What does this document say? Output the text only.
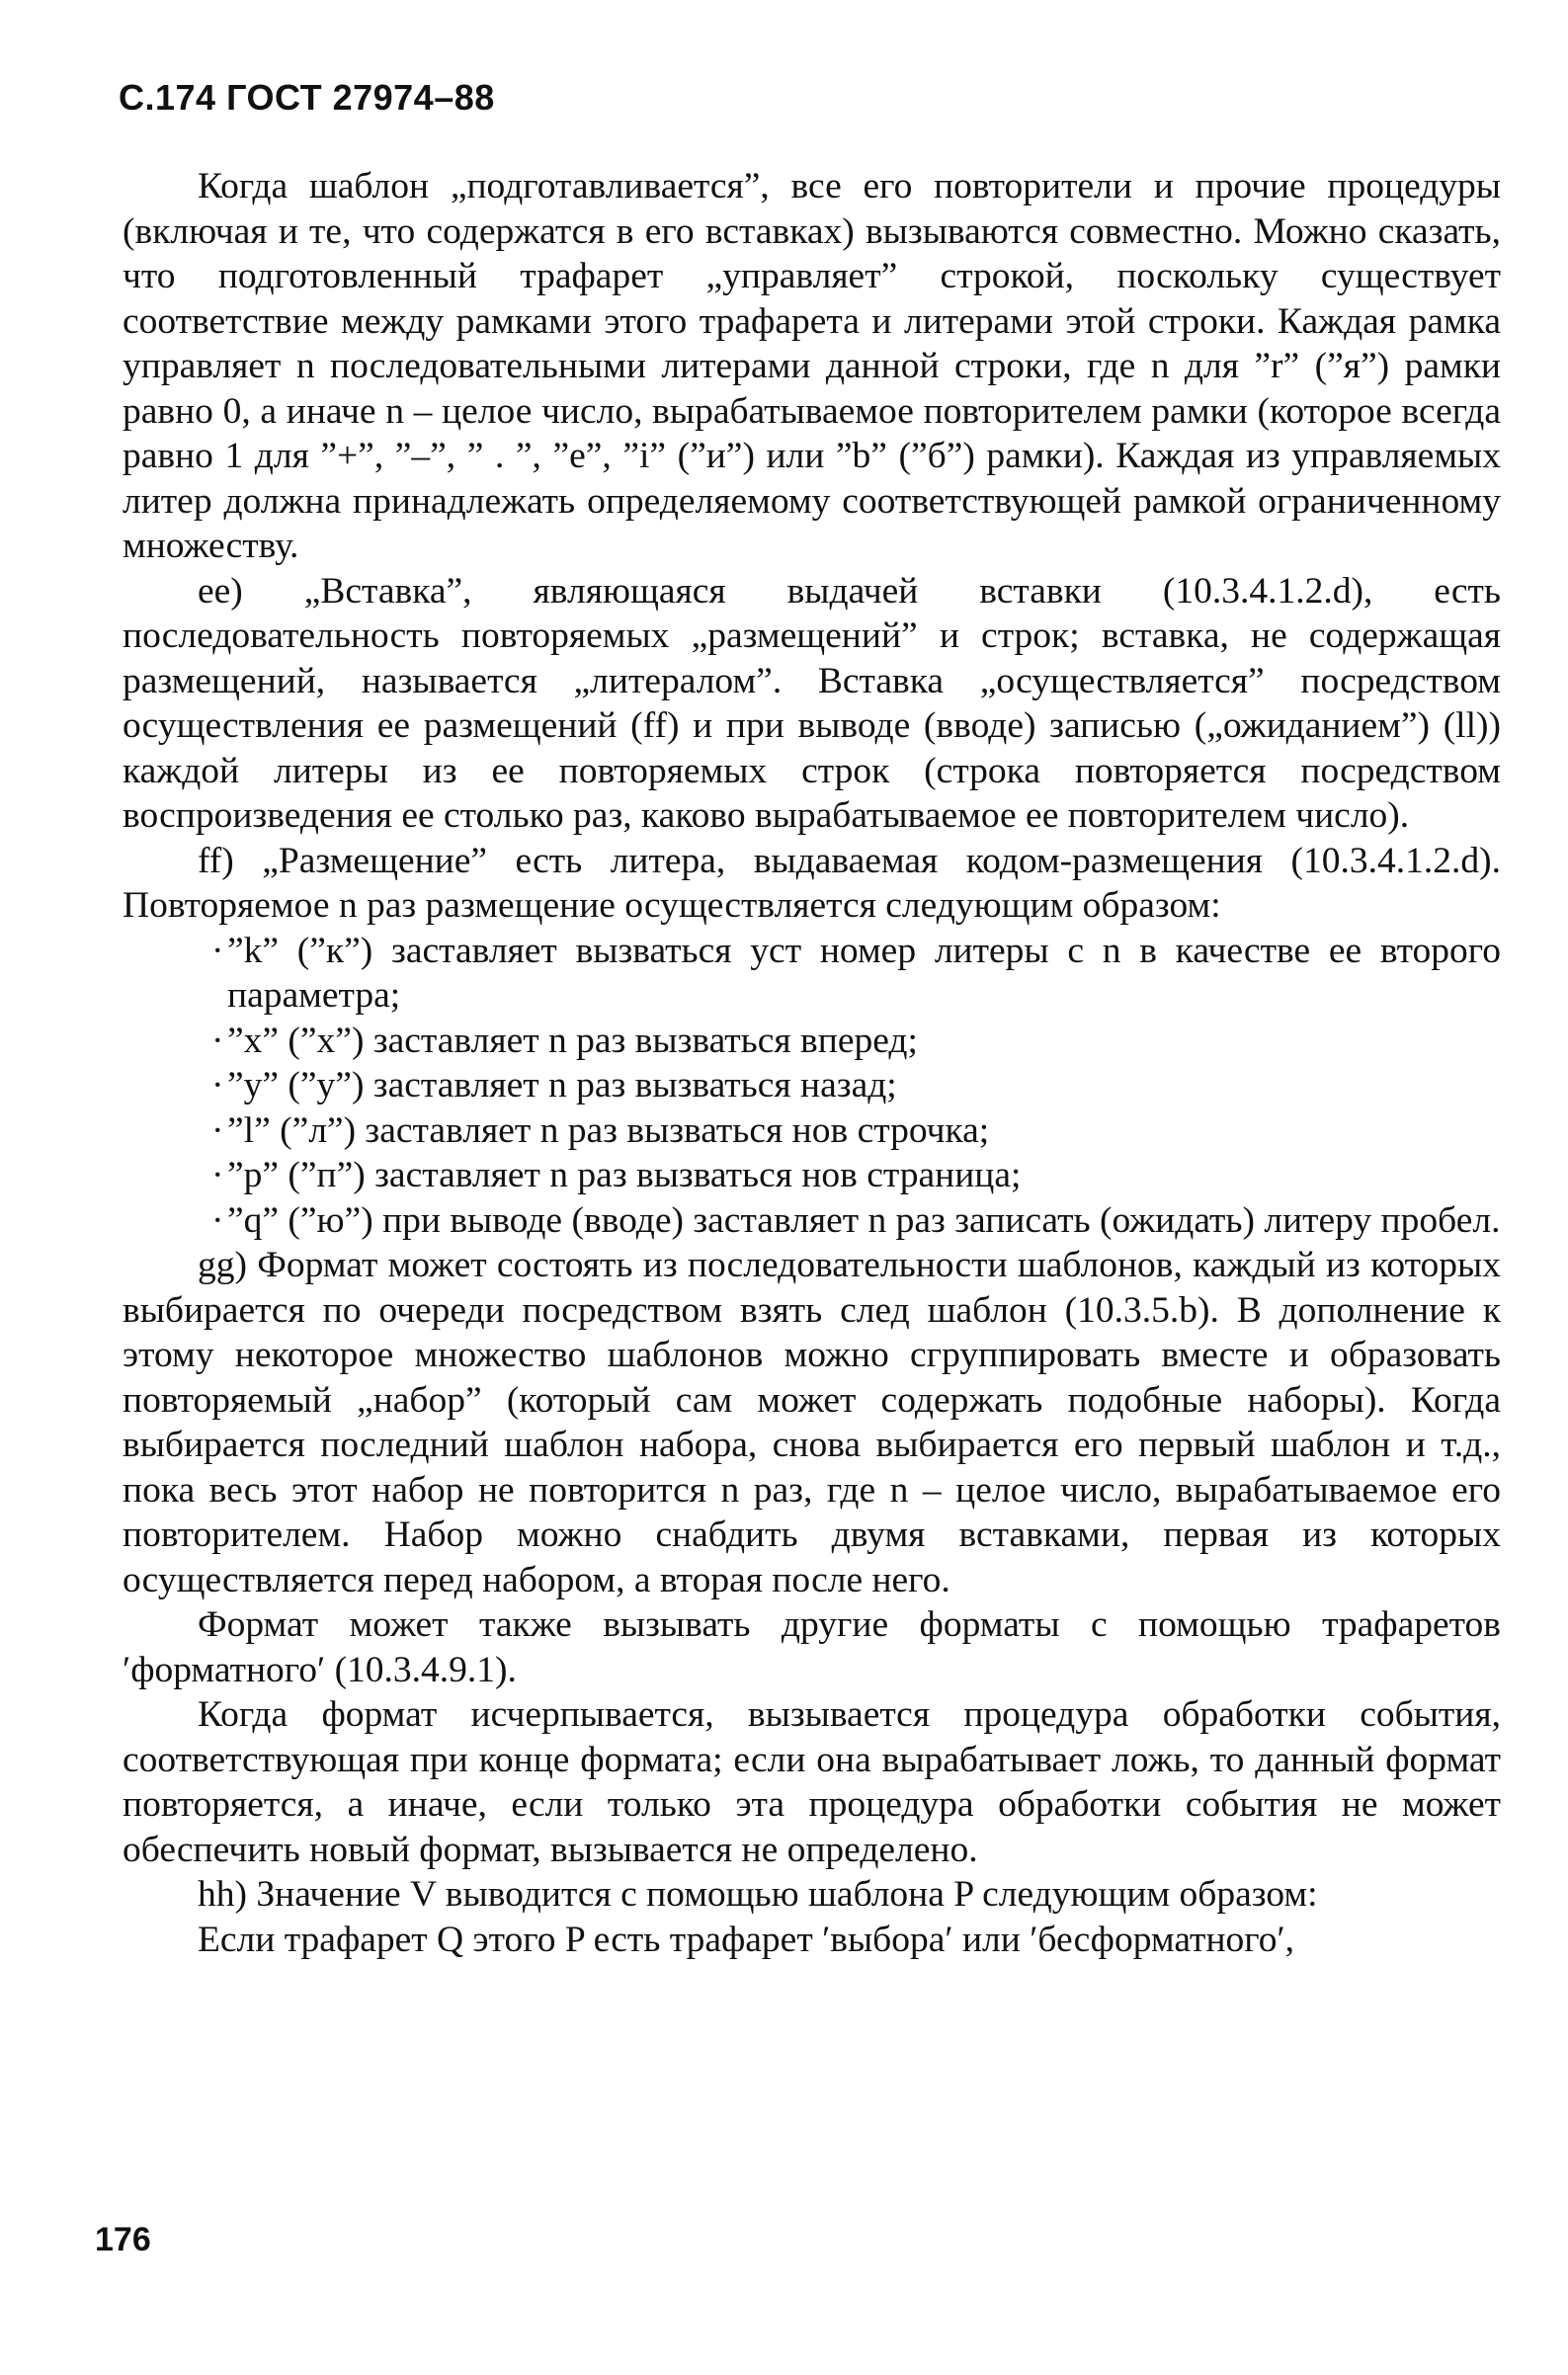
С.174 ГОСТ 27974–88

Когда шаблон „подготавливается”, все его повторители и прочие процедуры (включая и те, что содержатся в его вставках) вызываются совместно. Можно сказать, что подготовленный трафарет „управляет” строкой, поскольку существует соответствие между рамками этого трафарета и литерами этой строки. Каждая рамка управляет n последовательными литерами данной строки, где n для ”r” (”я”) рамки равно 0, а иначе n – целое число, вырабатываемое повторителем рамки (которое всегда равно 1 для ”+”, ”–”, ” . ”, ”e”, ”i” (”и”) или ”b” (”б”) рамки). Каждая из управляемых литер должна принадлежать определяемому соответствующей рамкой ограниченному множеству.

ее) „Вставка”, являющаяся выдачей вставки (10.3.4.1.2.d), есть последовательность повторяемых „размещений” и строк; вставка, не содержащая размещений, называется „литералом”. Вставка „осуществляется” посредством осуществления ее размещений (ff) и при выводе (вводе) записью („ожиданием”) (ll)) каждой литеры из ее повторяемых строк (строка повторяется посредством воспроизведения ее столько раз, каково вырабатываемое ее повторителем число).

ff) „Размещение” есть литера, выдаваемая кодом-размещения (10.3.4.1.2.d). Повторяемое n раз размещение осуществляется следующим образом:

· ”k” (”к”) заставляет вызваться уст номер литеры с n в качестве ее второго параметра;
· ”x” (”х”) заставляет n раз вызваться вперед;
· ”y” (”у”) заставляет n раз вызваться назад;
· ”l” (”л”) заставляет n раз вызваться нов строчка;
· ”p” (”п”) заставляет n раз вызваться нов страница;
· ”q” (”ю”) при выводе (вводе) заставляет n раз записать (ожидать) литеру пробел.

gg) Формат может состоять из последовательности шаблонов, каждый из которых выбирается по очереди посредством взять след шаблон (10.3.5.b). В дополнение к этому некоторое множество шаблонов можно сгруппировать вместе и образовать повторяемый „набор” (который сам может содержать подобные наборы). Когда выбирается последний шаблон набора, снова выбирается его первый шаблон и т.д., пока весь этот набор не повторится n раз, где n – целое число, вырабатываемое его повторителем. Набор можно снабдить двумя вставками, первая из которых осуществляется перед набором, а вторая после него.

Формат может также вызывать другие форматы с помощью трафаретов ′форматного′ (10.3.4.9.1).

Когда формат исчерпывается, вызывается процедура обработки события, соответствующая при конце формата; если она вырабатывает ложь, то данный формат повторяется, а иначе, если только эта процедура обработки события не может обеспечить новый формат, вызывается не определено.

hh) Значение V выводится с помощью шаблона P следующим образом:

Если трафарет Q этого P есть трафарет ′выбора′ или ′бесформатного′,

176
